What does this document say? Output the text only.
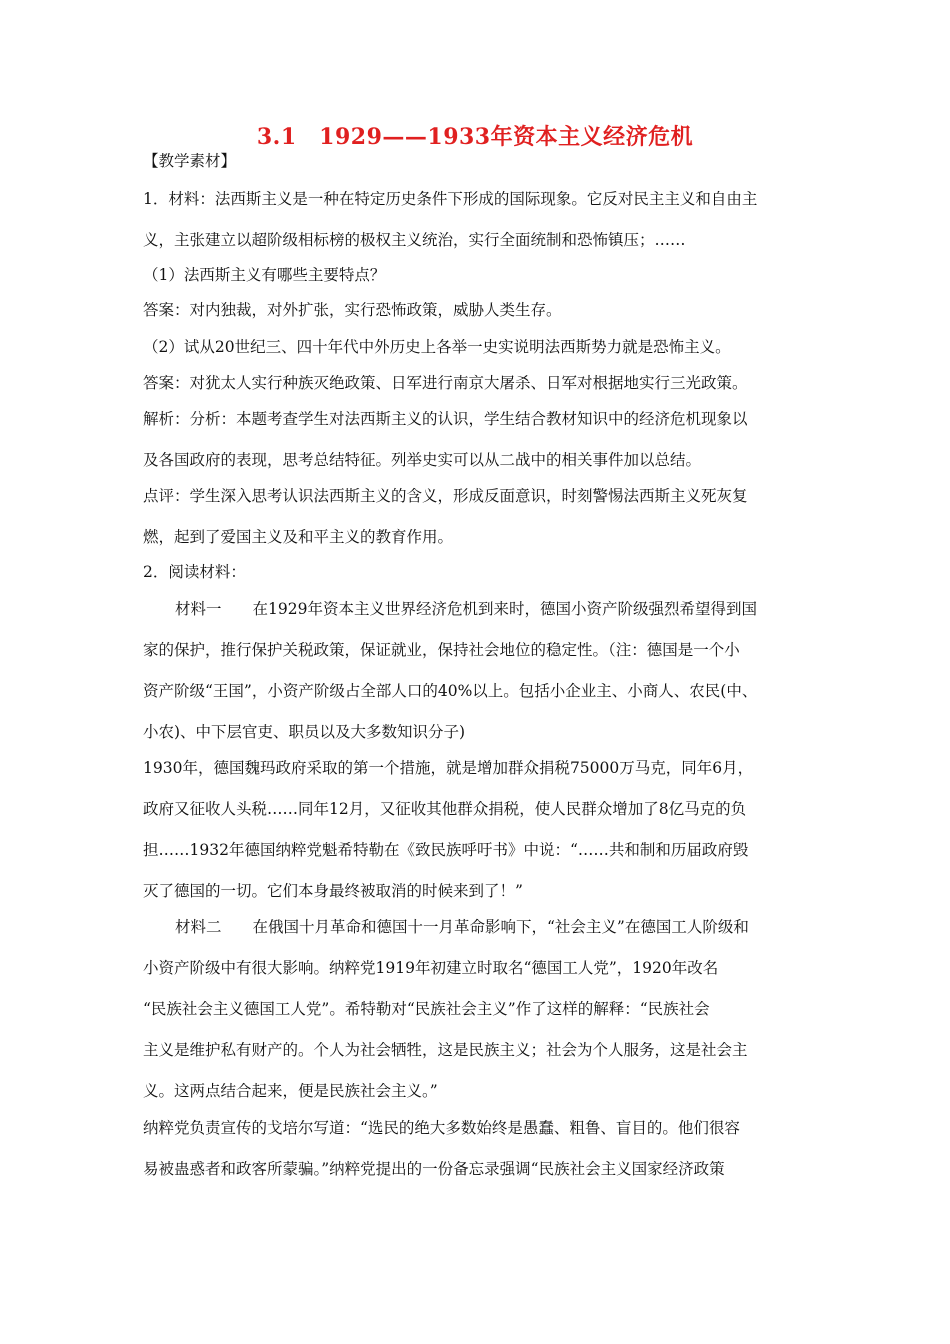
3.1　1929——1933年资本主义经济危机
【教学素材】
1．材料：法西斯主义是一种在特定历史条件下形成的国际现象。它反对民主主义和自由主
义，主张建立以超阶级相标榜的极权主义统治，实行全面统制和恐怖镇压；……
（1）法西斯主义有哪些主要特点？
答案：对内独裁，对外扩张，实行恐怖政策，威胁人类生存。
（2）试从20世纪三、四十年代中外历史上各举一史实说明法西斯势力就是恐怖主义。
答案：对犹太人实行种族灭绝政策、日军进行南京大屠杀、日军对根据地实行三光政策。
解析：分析：本题考查学生对法西斯主义的认识，学生结合教材知识中的经济危机现象以
及各国政府的表现，思考总结特征。列举史实可以从二战中的相关事件加以总结。
点评：学生深入思考认识法西斯主义的含义，形成反面意识，时刻警惕法西斯主义死灰复
燃，起到了爱国主义及和平主义的教育作用。
2．阅读材料：
材料一　　在1929年资本主义世界经济危机到来时，德国小资产阶级强烈希望得到国
家的保护，推行保护关税政策，保证就业，保持社会地位的稳定性。（注：德国是一个小
资产阶级“王国”，小资产阶级占全部人口的40%以上。包括小企业主、小商人、农民(中、
小农)、中下层官吏、职员以及大多数知识分子)
1930年，德国魏玛政府采取的第一个措施，就是增加群众捐税75000万马克，同年6月，
政府又征收人头税……同年12月，又征收其他群众捐税，使人民群众增加了8亿马克的负
担……1932年德国纳粹党魁希特勒在《致民族呼吁书》中说：“……共和制和历届政府毁
灭了德国的一切。它们本身最终被取消的时候来到了！”
材料二　　在俄国十月革命和德国十一月革命影响下，“社会主义”在德国工人阶级和
小资产阶级中有很大影响。纳粹党1919年初建立时取名“德国工人党”，1920年改名
“民族社会主义德国工人党”。希特勒对“民族社会主义”作了这样的解释：“民族社会
主义是维护私有财产的。个人为社会牺牲，这是民族主义；社会为个人服务，这是社会主
义。这两点结合起来，便是民族社会主义。”
纳粹党负责宣传的戈培尔写道：“选民的绝大多数始终是愚蠢、粗鲁、盲目的。他们很容
易被蛊惑者和政客所蒙骗。”纳粹党提出的一份备忘录强调“民族社会主义国家经济政策
